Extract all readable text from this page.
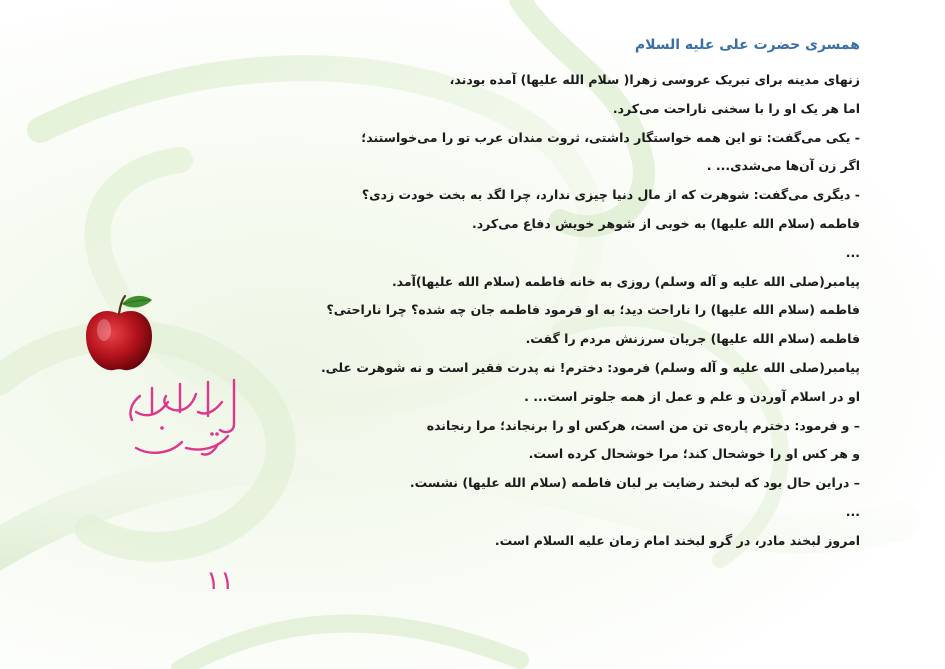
۱۱
همسری حضرت علی علیه السلام
زنهای مدینه برای تبریک عروسی زهرا( سلام الله علیها) آمده بودند،
اما هر یک او را با سخنی ناراحت می‌کرد.
- یکی می‌گفت: تو این همه خواستگار داشتی، ثروت مندان عرب تو را می‌خواستند؛
اگر زن آن‌ها می‌شدی... .
- دیگری می‌گفت: شوهرت که از مال دنیا چیزی ندارد، چرا لگد به بخت خودت زدی؟
فاطمه (سلام الله علیها) به خوبی از شوهر خویش دفاع می‌کرد.
...
پیامبر(صلی الله علیه و آله وسلم) روزی به خانه فاطمه (سلام الله علیها)آمد.
فاطمه (سلام الله علیها) را ناراحت دید؛ به او فرمود فاطمه جان چه شده؟ چرا ناراحتی؟
فاطمه (سلام الله علیها) جریان سرزنش مردم را گفت.
پیامبر(صلی الله علیه و آله وسلم) فرمود: دخترم! نه پدرت فقیر است و نه شوهرت علی.
او در اسلام آوردن و علم و عمل از همه جلوتر است... .
– و فرمود: دخترم پاره‌ی تن من است، هرکس او را برنجاند؛ مرا رنجانده
و هر کس او را خوشحال کند؛ مرا خوشحال کرده است.
– دراین حال بود که لبخند رضایت بر لبان فاطمه (سلام الله علیها) نشست.
...
امروز لبخند مادر، در گرو لبخند امام زمان علیه السلام است.
